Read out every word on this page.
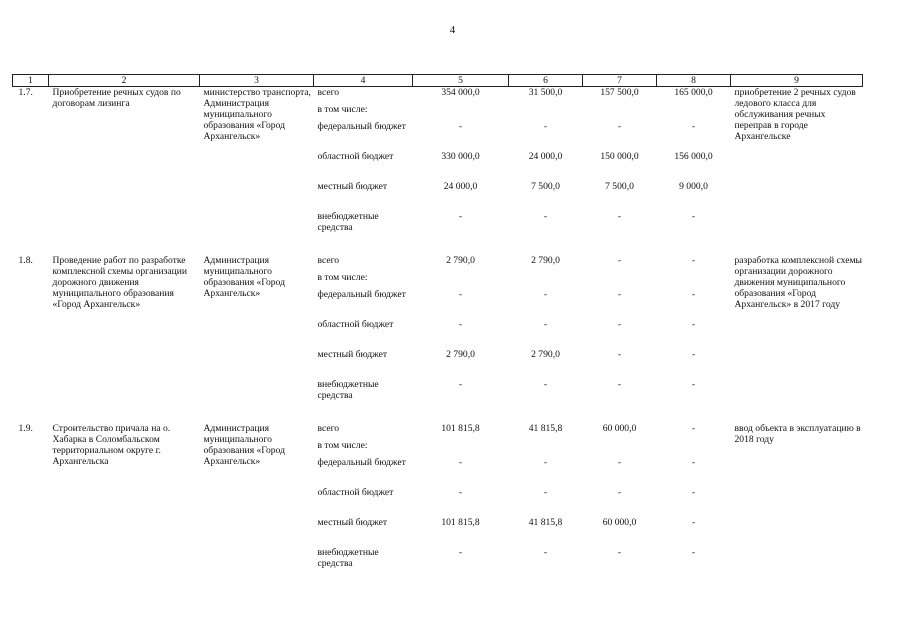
4
1	2	3	4	5	6	7	8	9
1.7.	Приобретение речных судов по договорам лизинга	министерство транспорта, Администрация муниципального образования «Город Архангельск»	всего	354 000,0	31 500,0	157 500,0	165 000,0	приобретение 2 речных судов ледового класса для обслуживания речных переправ в городе Архангельске
			в том числе:					
			федеральный бюджет	-	-	-	-	
			областной бюджет	330 000,0	24 000,0	150 000,0	156 000,0	
			местный бюджет	24 000,0	7 500,0	7 500,0	9 000,0	
			внебюджетные средства	-	-	-	-	

1.8.	Проведение работ по разработке комплексной схемы организации дорожного движения муниципального образования «Город Архангельск»	Администрация муниципального образования «Город Архангельск»	всего	2 790,0	2 790,0	-	-	разработка комплексной схемы организации дорожного движения муниципального образования «Город Архангельск» в 2017 году
			в том числе:					
			федеральный бюджет	-	-	-	-	
			областной бюджет	-	-	-	-	
			местный бюджет	2 790,0	2 790,0	-	-	
			внебюджетные средства	-	-	-	-	

1.9.	Строительство причала на о. Хабарка в Соломбальском территориальном округе г. Архангельска	Администрация муниципального образования «Город Архангельск»	всего	101 815,8	41 815,8	60 000,0	-	ввод объекта в эксплуатацию в 2018 году
			в том числе:					
			федеральный бюджет	-	-	-	-	
			областной бюджет	-	-	-	-	
			местный бюджет	101 815,8	41 815,8	60 000,0	-	
			внебюджетные средства	-	-	-	-	
